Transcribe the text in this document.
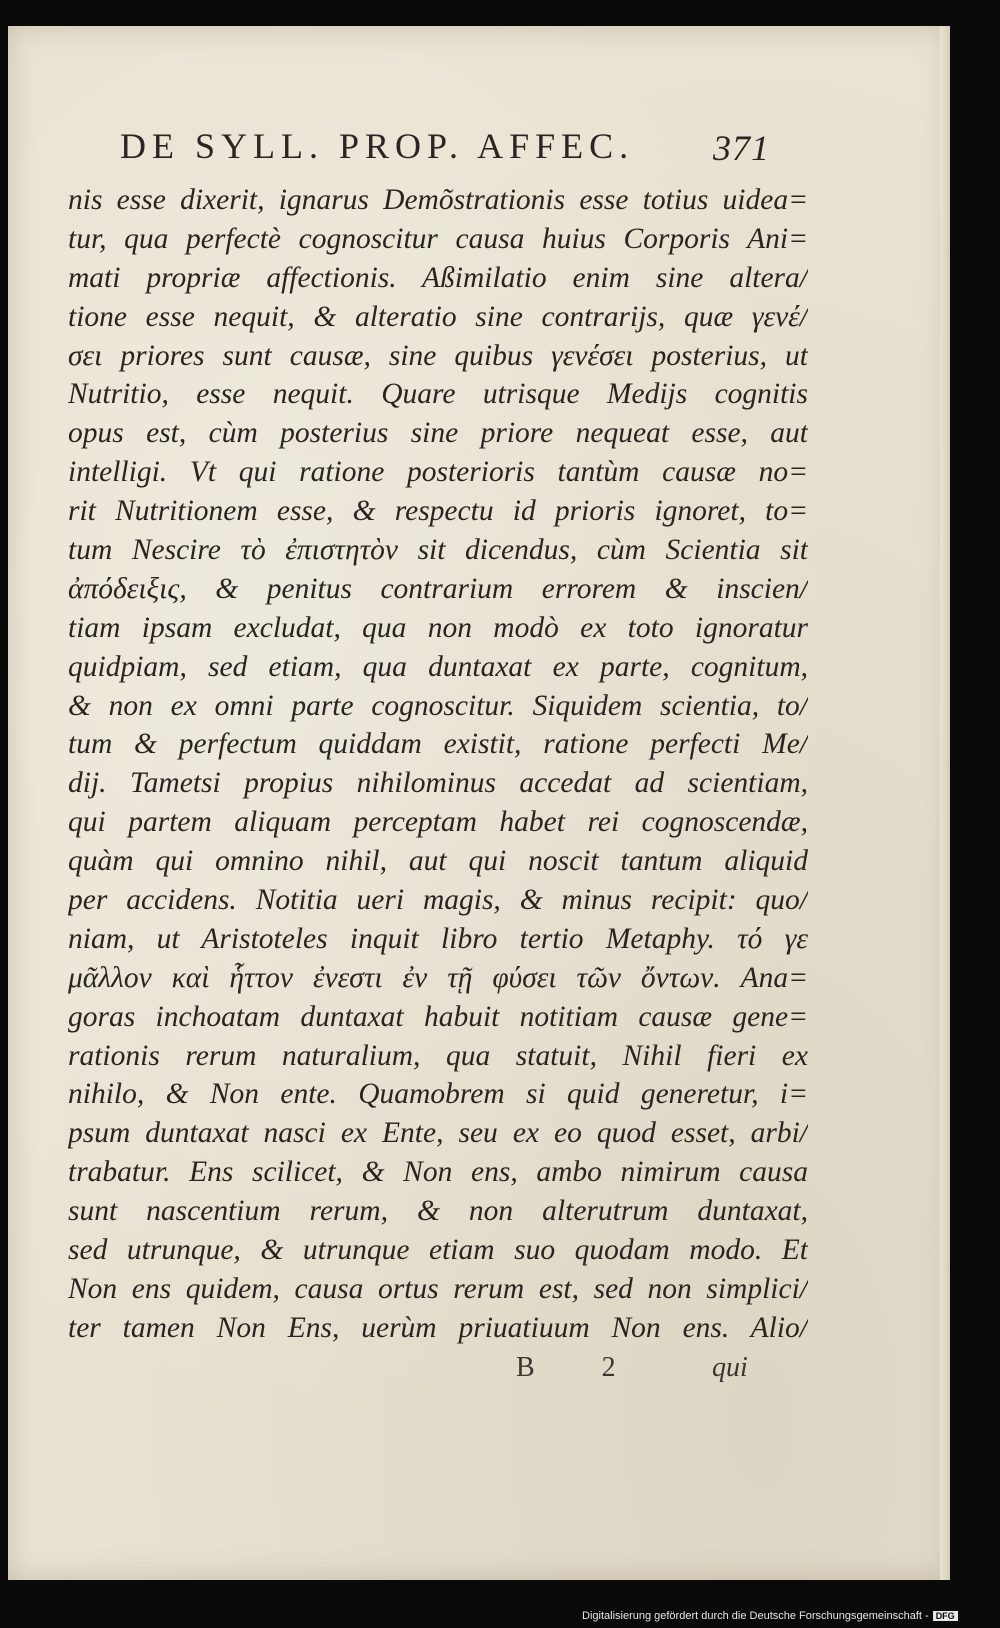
DE SYLL. PROP. AFFEC. 371
nis esse dixerit, ignarus Demõstrationis esse totius uidea=
tur, qua perfectè cognoscitur causa huius Corporis Ani=
mati propriæ affectionis. Aßimilatio enim sine altera/
tione esse nequit, & alteratio sine contrarijs, quæ γενέ/
σει priores sunt causæ, sine quibus γενέσει posterius, ut
Nutritio, esse nequit. Quare utrisque Medijs cognitis
opus est, cùm posterius sine priore nequeat esse, aut
intelligi. Vt qui ratione posterioris tantùm causæ no=
rit Nutritionem esse, & respectu id prioris ignoret, to=
tum Nescire τὸ ἐπιστητὸν sit dicendus, cùm Scientia sit
ἀπόδειξις, & penitus contrarium errorem & inscien/
tiam ipsam excludat, qua non modò ex toto ignoratur
quidpiam, sed etiam, qua duntaxat ex parte, cognitum,
& non ex omni parte cognoscitur. Siquidem scientia, to/
tum & perfectum quiddam existit, ratione perfecti Me/
dij. Tametsi propius nihilominus accedat ad scientiam,
qui partem aliquam perceptam habet rei cognoscendæ,
quàm qui omnino nihil, aut qui noscit tantum aliquid
per accidens. Notitia ueri magis, & minus recipit: quo/
niam, ut Aristoteles inquit libro tertio Metaphy. τό γε
μᾶλλον καὶ ἧττον ἐνεστι ἐν τῇ φύσει τῶν ὄντων. Ana=
goras inchoatam duntaxat habuit notitiam causæ gene=
rationis rerum naturalium, qua statuit, Nihil fieri ex
nihilo, & Non ente. Quamobrem si quid generetur, i=
psum duntaxat nasci ex Ente, seu ex eo quod esset, arbi/
trabatur. Ens scilicet, & Non ens, ambo nimirum causa
sunt nascentium rerum, & non alterutrum duntaxat,
sed utrunque, & utrunque etiam suo quodam modo. Et
Non ens quidem, causa ortus rerum est, sed non simplici/
ter tamen Non Ens, uerùm priuatiuum Non ens. Alio/
B 2 qui
Digitalisierung gefördert durch die Deutsche Forschungsgemeinschaft - DFG
